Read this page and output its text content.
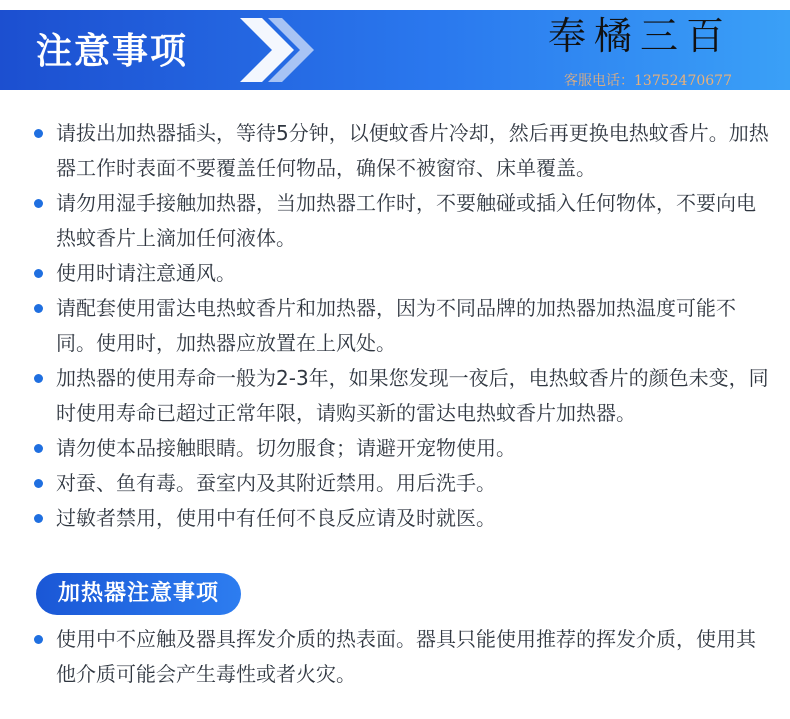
注意事项	奉橘三百
客服电话：13752470677
请拔出加热器插头，等待5分钟，以便蚊香片冷却，然后再更换电热蚊香片。加热器工作时表面不要覆盖任何物品，确保不被窗帘、床单覆盖。
请勿用湿手接触加热器，当加热器工作时，不要触碰或插入任何物体，不要向电热蚊香片上滴加任何液体。
使用时请注意通风。
请配套使用雷达电热蚊香片和加热器，因为不同品牌的加热器加热温度可能不同。使用时，加热器应放置在上风处。
加热器的使用寿命一般为2-3年，如果您发现一夜后，电热蚊香片的颜色未变，同时使用寿命已超过正常年限，请购买新的雷达电热蚊香片加热器。
请勿使本品接触眼睛。切勿服食；请避开宠物使用。
对蚕、鱼有毒。蚕室内及其附近禁用。用后洗手。
过敏者禁用，使用中有任何不良反应请及时就医。
加热器注意事项
使用中不应触及器具挥发介质的热表面。器具只能使用推荐的挥发介质，使用其他介质可能会产生毒性或者火灾。
